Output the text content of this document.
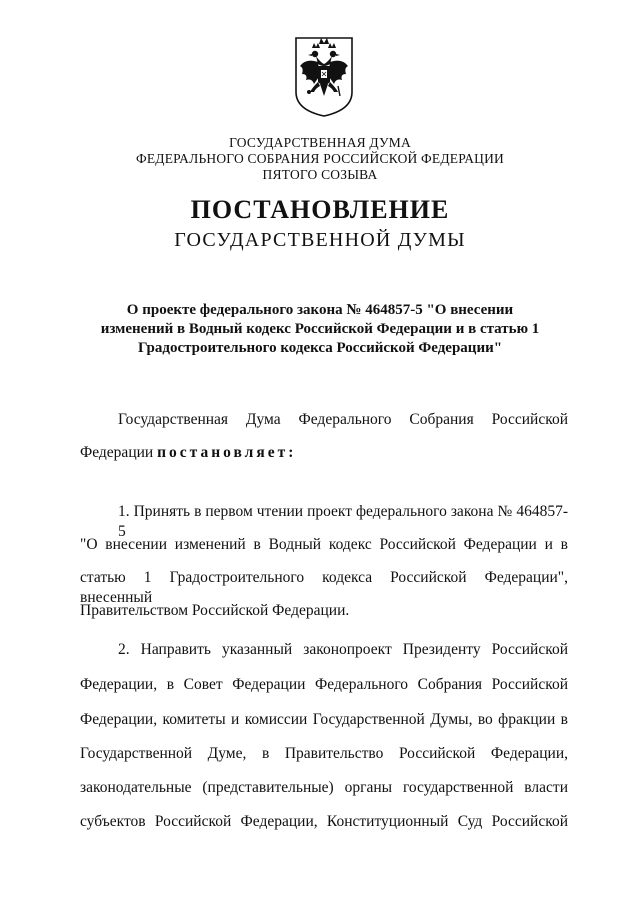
ГОСУДАРСТВЕННАЯ ДУМА
ФЕДЕРАЛЬНОГО СОБРАНИЯ РОССИЙСКОЙ ФЕДЕРАЦИИ
ПЯТОГО СОЗЫВА
ПОСТАНОВЛЕНИЕ
ГОСУДАРСТВЕННОЙ ДУМЫ
О проекте федерального закона № 464857-5 "О внесении
изменений в Водный кодекс Российской Федерации и в статью 1
Градостроительного кодекса Российской Федерации"
Государственная Дума Федерального Собрания Российской
Федерации постановляет:
1. Принять в первом чтении проект федерального закона № 464857-5
"О внесении изменений в Водный кодекс Российской Федерации и в
статью 1 Градостроительного кодекса Российской Федерации", внесенный
Правительством Российской Федерации.
2. Направить указанный законопроект Президенту Российской
Федерации, в Совет Федерации Федерального Собрания Российской
Федерации, комитеты и комиссии Государственной Думы, во фракции в
Государственной Думе, в Правительство Российской Федерации,
законодательные (представительные) органы государственной власти
субъектов Российской Федерации, Конституционный Суд Российской
